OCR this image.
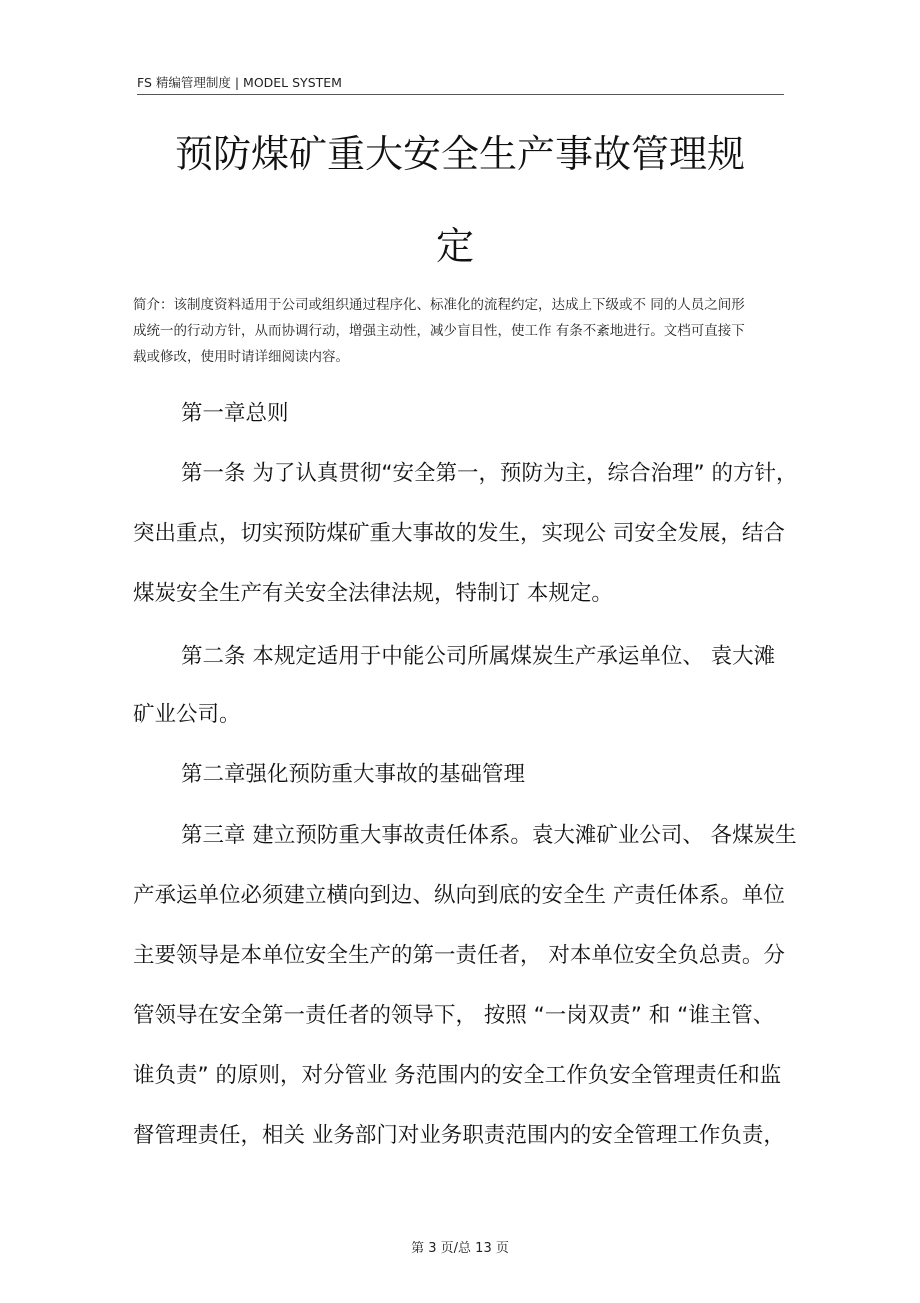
FS 精编管理制度 | MODEL SYSTEM
预防煤矿重大安全生产事故管理规
定
简介：该制度资料适用于公司或组织通过程序化、标准化的流程约定，达成上下级或不 同的人员之间形
成统一的行动方针，从而协调行动，增强主动性，减少盲目性，使工作 有条不紊地进行。文档可直接下
载或修改，使用时请详细阅读内容。
第一章总则
第一条 为了认真贯彻“安全第一，预防为主，综合治理” 的方针，
突出重点，切实预防煤矿重大事故的发生，实现公 司安全发展，结合
煤炭安全生产有关安全法律法规，特制订 本规定。
第二条 本规定适用于中能公司所属煤炭生产承运单位、 袁大滩
矿业公司。
第二章强化预防重大事故的基础管理
第三章 建立预防重大事故责任体系。袁大滩矿业公司、 各煤炭生
产承运单位必须建立横向到边、纵向到底的安全生 产责任体系。单位
主要领导是本单位安全生产的第一责任者， 对本单位安全负总责。分
管领导在安全第一责任者的领导下， 按照 “一岗双责” 和 “谁主管、
谁负责” 的原则，对分管业 务范围内的安全工作负安全管理责任和监
督管理责任，相关 业务部门对业务职责范围内的安全管理工作负责，
第 3 页/总 13 页
